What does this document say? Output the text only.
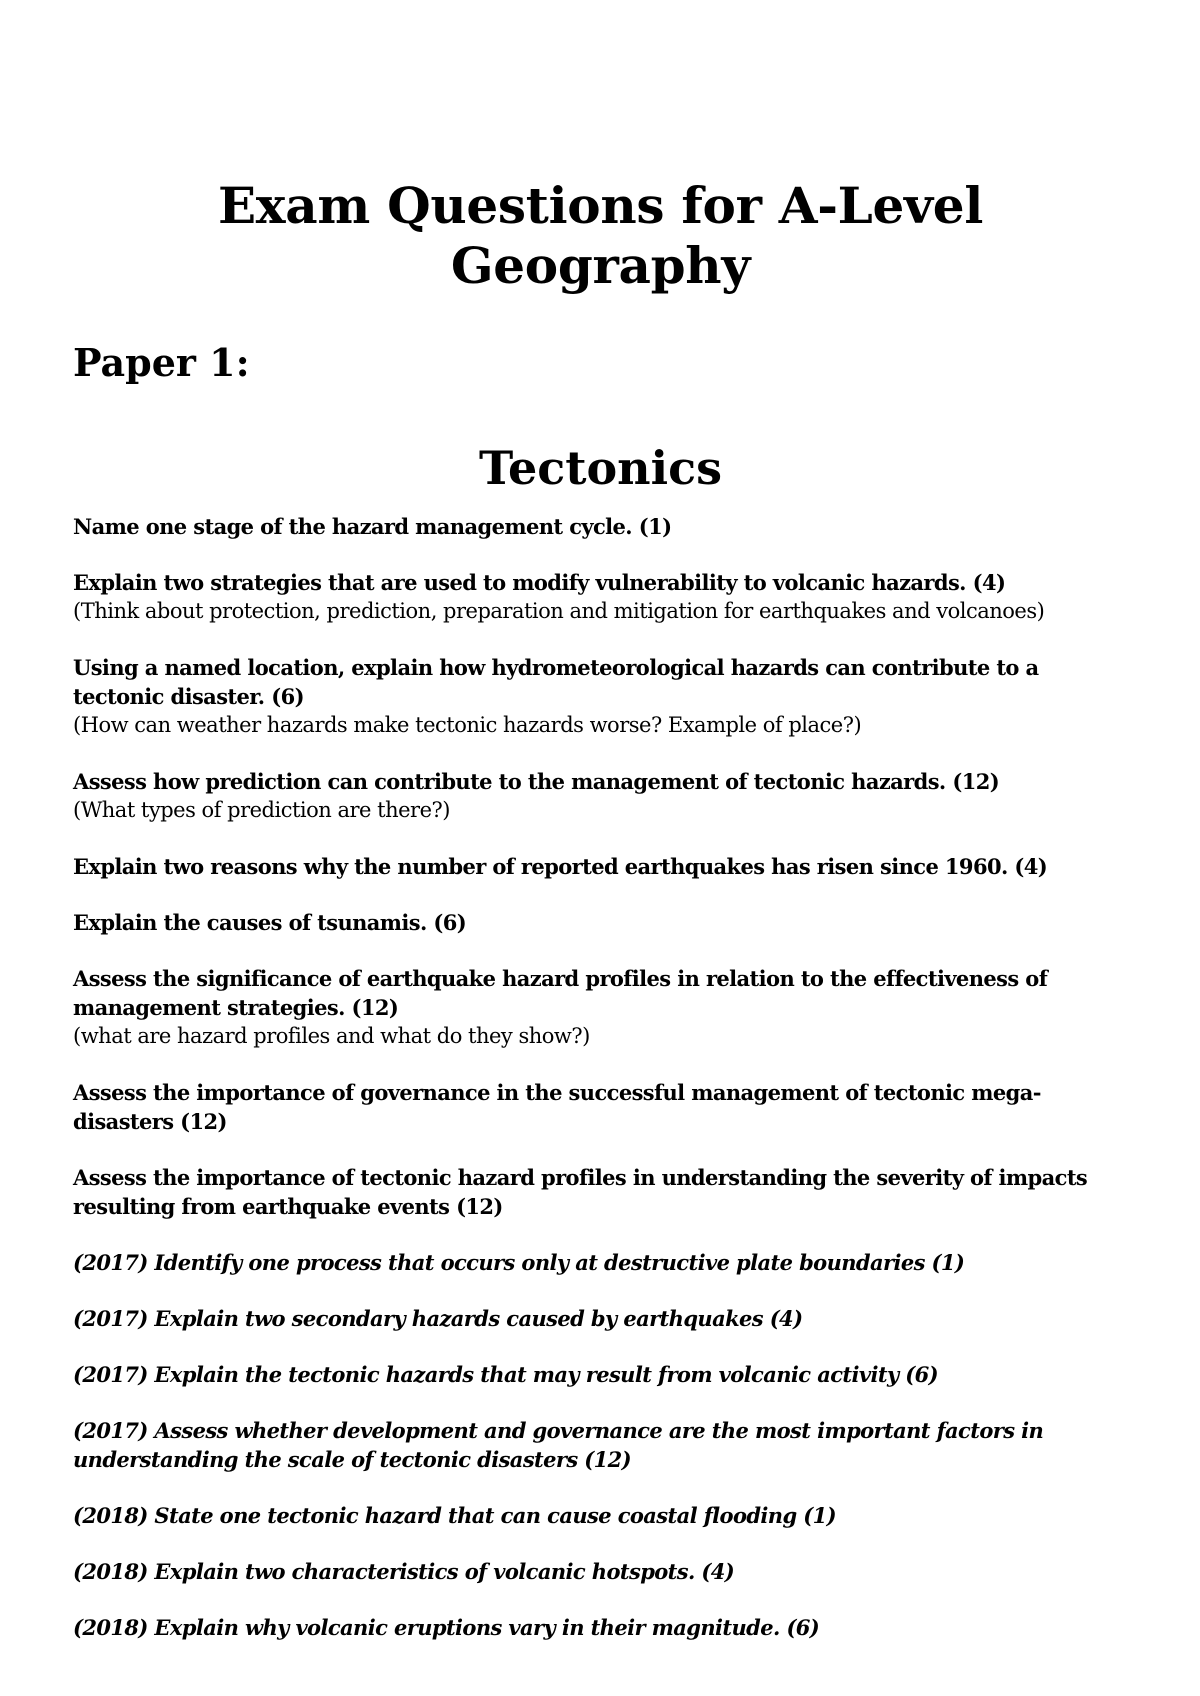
Exam Questions for A-Level Geography
Paper 1:
Tectonics
Name one stage of the hazard management cycle. (1)
Explain two strategies that are used to modify vulnerability to volcanic hazards. (4)
(Think about protection, prediction, preparation and mitigation for earthquakes and volcanoes)
Using a named location, explain how hydrometeorological hazards can contribute to a tectonic disaster. (6)
(How can weather hazards make tectonic hazards worse? Example of place?)
Assess how prediction can contribute to the management of tectonic hazards. (12)
(What types of prediction are there?)
Explain two reasons why the number of reported earthquakes has risen since 1960. (4)
Explain the causes of tsunamis. (6)
Assess the significance of earthquake hazard profiles in relation to the effectiveness of management strategies. (12)
(what are hazard profiles and what do they show?)
Assess the importance of governance in the successful management of tectonic mega-disasters (12)
Assess the importance of tectonic hazard profiles in understanding the severity of impacts resulting from earthquake events (12)
(2017) Identify one process that occurs only at destructive plate boundaries (1)
(2017) Explain two secondary hazards caused by earthquakes (4)
(2017) Explain the tectonic hazards that may result from volcanic activity (6)
(2017) Assess whether development and governance are the most important factors in understanding the scale of tectonic disasters (12)
(2018) State one tectonic hazard that can cause coastal flooding (1)
(2018) Explain two characteristics of volcanic hotspots. (4)
(2018) Explain why volcanic eruptions vary in their magnitude. (6)
